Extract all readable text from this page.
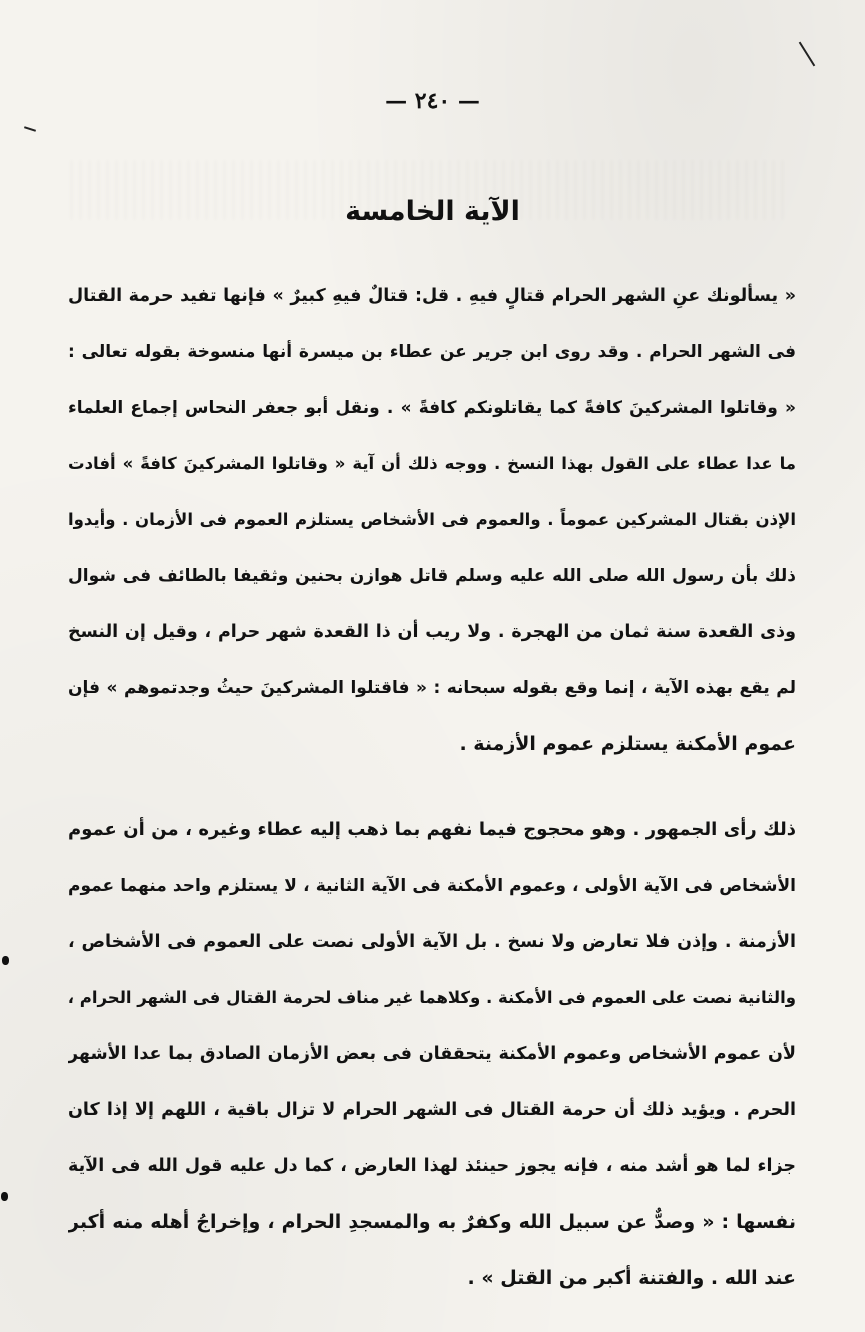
— ٢٤٠ —
الآية الخامسة
« يسألونك عنِ الشهر الحرام قتالٍ فيهِ . قل: قتالٌ فيهِ كبيرٌ » فإنها تفيد حرمة القتال
فى الشهر الحرام . وقد روى ابن جرير عن عطاء بن ميسرة أنها منسوخة بقوله تعالى :
« وقاتلوا المشركينَ كافةً كما يقاتلونكم كافةً » . ونقل أبو جعفر النحاس إجماع العلماء
ما عدا عطاء على القول بهذا النسخ . ووجه ذلك أن آية « وقاتلوا المشركينَ كافةً » أفادت
الإذن بقتال المشركين عموماً . والعموم فى الأشخاص يستلزم العموم فى الأزمان . وأيدوا
ذلك بأن رسول الله صلى الله عليه وسلم قاتل هوازن بحنين وثقيفا بالطائف فى شوال
وذى القعدة سنة ثمان من الهجرة . ولا ريب أن ذا القعدة شهر حرام ، وقيل إن النسخ
لم يقع بهذه الآية ، إنما وقع بقوله سبحانه : « فاقتلوا المشركينَ حيثُ وجدتموهم » فإن
عموم الأمكنة يستلزم عموم الأزمنة .
ذلك رأى الجمهور . وهو محجوج فيما نفهم بما ذهب إليه عطاء وغيره ، من أن عموم
الأشخاص فى الآية الأولى ، وعموم الأمكنة فى الآية الثانية ، لا يستلزم واحد منهما عموم
الأزمنة . وإذن فلا تعارض ولا نسخ . بل الآية الأولى نصت على العموم فى الأشخاص ،
والثانية نصت على العموم فى الأمكنة . وكلاهما غير مناف لحرمة القتال فى الشهر الحرام ،
لأن عموم الأشخاص وعموم الأمكنة يتحققان فى بعض الأزمان الصادق بما عدا الأشهر
الحرم . ويؤيد ذلك أن حرمة القتال فى الشهر الحرام لا تزال باقية ، اللهم إلا إذا كان
جزاء لما هو أشد منه ، فإنه يجوز حينئذ لهذا العارض ، كما دل عليه قول الله فى الآية
نفسها : « وصدٌّ عن سبيل الله وكفرٌ به والمسجدِ الحرام ، وإخراجُ أهله منه أكبر
عند الله . والفتنة أكبر من القتل » .
